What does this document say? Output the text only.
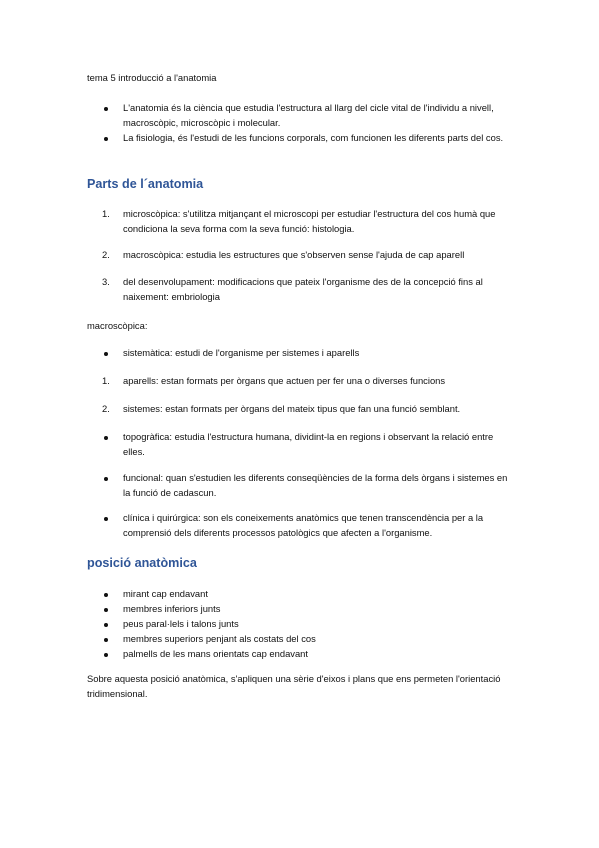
tema 5 introducció a l'anatomia

L'anatomia és la ciència que estudia l'estructura al llarg del cicle vital de l'individu a nivell, macroscòpic, microscòpic i molecular.
La fisiologia, és l'estudi de les funcions corporals, com funcionen les diferents parts del cos.
Parts de l´anatomia
1.	microscòpica: s'utilitza mitjançant el microscopi per estudiar l'estructura del cos humà que condiciona la seva forma com la seva funció: histologia.
2.	macroscòpica: estudia les estructures que s'observen sense l'ajuda de cap aparell
3.	del desenvolupament: modificacions que pateix l'organisme des de la concepció fins al naixement: embriologia

macroscòpica:

sistemàtica: estudi de l'organisme per sistemes i aparells
1.	aparells: estan formats per òrgans que actuen per fer una o diverses funcions
2.	sistemes: estan formats per òrgans del mateix tipus que fan una funció semblant.
topogràfica: estudia l'estructura humana, dividint-la en regions i observant la relació entre elles.
funcional: quan s'estudien les diferents conseqüències de la forma dels òrgans i sistemes en la funció de cadascun.
clínica i quirúrgica: son els coneixements anatòmics que tenen transcendència per a la comprensió dels diferents processos patològics que afecten a l'organisme.
posició anatòmica
mirant cap endavant
membres inferiors junts
peus paral·lels i talons junts
membres superiors penjant als costats del cos
palmells de les mans orientats cap endavant

Sobre aquesta posició anatòmica, s'apliquen una sèrie d'eixos i plans que ens permeten l'orientació tridimensional.
